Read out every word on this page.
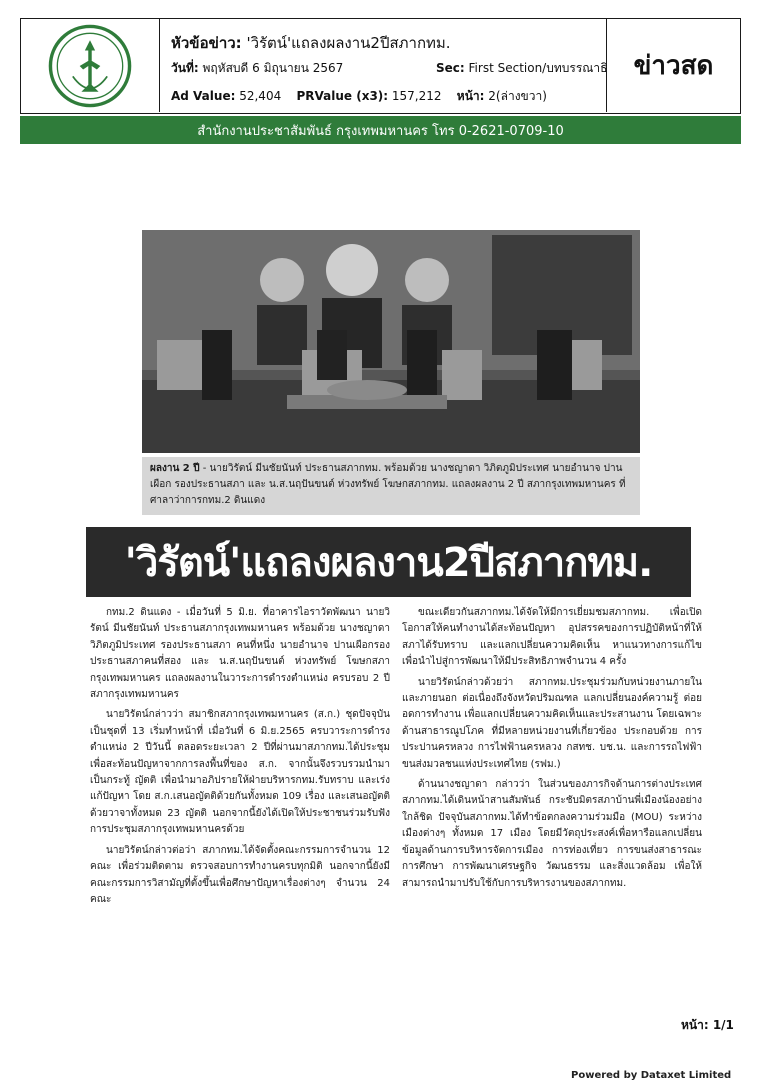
หัวข้อข่าว: 'วิรัตน์'แถลงผลงาน2ปีสภากทม.
วันที่: พฤหัสบดี 6 มิถุนายน 2567	Sec: First Section/บทบรรณาธิ
Ad Value: 52,404 PRValue (x3): 157,212 หน้า: 2(ล่างขวา)
ข่าวสด
สำนักงานประชาสัมพันธ์ กรุงเทพมหานคร โทร 0-2621-0709-10
ผลงาน 2 ปี - นายวิรัตน์ มีนชัยนันท์ ประธานสภากทม. พร้อมด้วย นางชญาดา วิภิตภูมิประเทศ นายอำนาจ ปานเผือก รองประธานสภา และ น.ส.นฤปันขนต์ ห่วงทรัพย์ โฆษกสภากทม. แถลงผลงาน 2 ปี สภากรุงเทพมหานคร ที่ศาลาว่าการกทม.2 ดินแดง
'วิรัตน์'แถลงผลงาน2ปีสภากทม.

กทม.2 ดินแดง - เมื่อวันที่ 5 มิ.ย. ที่อาคารไอราวัตพัฒนา นายวิรัตน์ มีนชัยนันท์ ประธานสภากรุงเทพมหานคร พร้อมด้วย นางชญาดา วิภิตภูมิประเทศ รองประธานสภา คนที่หนึ่ง นายอำนาจ ปานเผือกรองประธานสภาคนที่สอง และ น.ส.นฤปันขนต์ ห่วงทรัพย์ โฆษกสภากรุงเทพมหานคร แถลงผลงานในวาระการดำรงตำแหน่ง ครบรอบ 2 ปี สภากรุงเทพมหานคร

นายวิรัตน์กล่าวว่า สมาชิกสภากรุงเทพมหานคร (ส.ก.) ชุดปัจจุบัน เป็นชุดที่ 13 เริ่มทำหน้าที่ เมื่อวันที่ 6 มิ.ย.2565 ครบวาระการดำรงตำแหน่ง 2 ปีวันนี้ ตลอดระยะเวลา 2 ปีที่ผ่านมาสภากทม.ได้ประชุมเพื่อสะท้อนปัญหาจากการลงพื้นที่ของ ส.ก. จากนั้นจึงรวบรวมนำมาเป็นกระทู้ ญัตติ เพื่อนำมาอภิปรายให้ฝ่ายบริหารกทม.รับทราบ และเร่งแก้ปัญหา โดย ส.ก.เสนอญัตติด้วยกันทั้งหมด 109 เรื่อง และเสนอญัตติด้วยวาจาทั้งหมด 23 ญัตติ นอกจากนี้ยังได้เปิดให้ประชาชนร่วมรับฟังการประชุมสภากรุงเทพมหานครด้วย

นายวิรัตน์กล่าวต่อว่า สภากทม.ได้จัดตั้งคณะกรรมการจำนวน 12 คณะ เพื่อร่วมติดตาม ตรวจสอบการทำงานครบทุกมิติ นอกจากนี้ยังมีคณะกรรมการวิสามัญที่ตั้งขึ้นเพื่อศึกษาปัญหาเรื่องต่างๆ จำนวน 24 คณะ

ขณะเดียวกันสภากทม.ได้จัดให้มีการเยี่ยมชมสภากทม. เพื่อเปิดโอกาสให้คนทำงานได้สะท้อนปัญหา อุปสรรคของการปฏิบัติหน้าที่ให้สภาได้รับทราบ และแลกเปลี่ยนความคิดเห็น หาแนวทางการแก้ไข เพื่อนำไปสู่การพัฒนาให้มีประสิทธิภาพจำนวน 4 ครั้ง

นายวิรัตน์กล่าวด้วยว่า สภากทม.ประชุมร่วมกับหน่วยงานภายในและภายนอก ต่อเนื่องถึงจังหวัดปริมณฑล แลกเปลี่ยนองค์ความรู้ ต่อยอดการทำงาน เพื่อแลกเปลี่ยนความคิดเห็นและประสานงาน โดยเฉพาะด้านสาธารณูปโภค ที่มีหลายหน่วยงานที่เกี่ยวข้อง ประกอบด้วย การประปานครหลวง การไฟฟ้านครหลวง กสทช. บช.น. และการรถไฟฟ้าขนส่งมวลชนแห่งประเทศไทย (รฟม.)

ด้านนางชญาดา กล่าวว่า ในส่วนของภารกิจด้านการต่างประเทศ สภากทม.ได้เดินหน้าสานสัมพันธ์ กระชับมิตรสภาบ้านพี่เมืองน้องอย่างใกล้ชิด ปัจจุบันสภากทม.ได้ทำข้อตกลงความร่วมมือ (MOU) ระหว่างเมืองต่างๆ ทั้งหมด 17 เมือง โดยมีวัตถุประสงค์เพื่อหารือแลกเปลี่ยนข้อมูลด้านการบริหารจัดการเมือง การท่องเที่ยว การขนส่งสาธารณะ การศึกษา การพัฒนาเศรษฐกิจ วัฒนธรรม และสิ่งแวดล้อม เพื่อให้สามารถนำมาปรับใช้กับการบริหารงานของสภากทม.

หน้า: 1/1
Powered by Dataxet Limited
